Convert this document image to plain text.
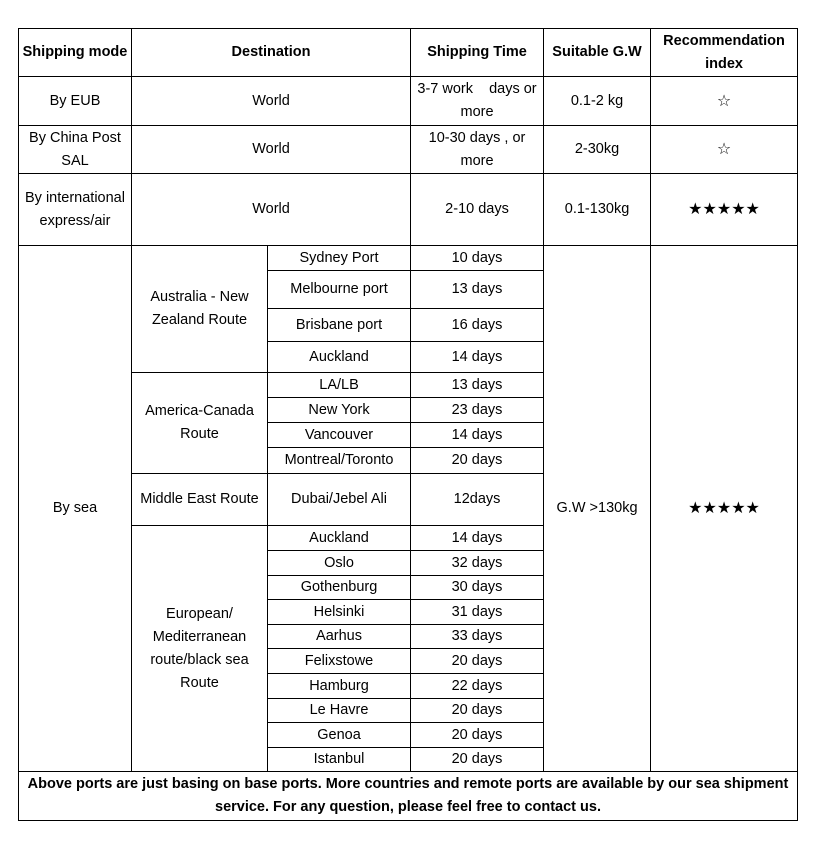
Shipping mode	Destination		Shipping Time	Suitable G.W	Recommendation index
By EUB	World		3-7 work    days or more	0.1-2 kg	☆
By China Post SAL	World		10-30 days , or more	2-30kg	☆
By international express/air	World		2-10 days	0.1-130kg	★★★★★
By sea	Australia - New Zealand Route	Sydney Port	10 days	G.W >130kg	★★★★★
		Melbourne port	13 days		
		Brisbane port	16 days		
		Auckland	14 days		
	America-Canada Route	LA/LB	13 days		
		New York	23 days		
		Vancouver	14 days		
		Montreal/Toronto	20 days		
	Middle East Route	Dubai/Jebel Ali	12days		
	European/ Mediterranean route/black sea Route	Auckland	14 days		
		Oslo	32 days		
		Gothenburg	30 days		
		Helsinki	31 days		
		Aarhus	33 days		
		Felixstowe	20 days		
		Hamburg	22 days		
		Le Havre	20 days		
		Genoa	20 days		
		Istanbul	20 days		
Above ports are just basing on base ports. More countries and remote ports are available by our sea shipment service. For any question, please feel free to contact us.					
